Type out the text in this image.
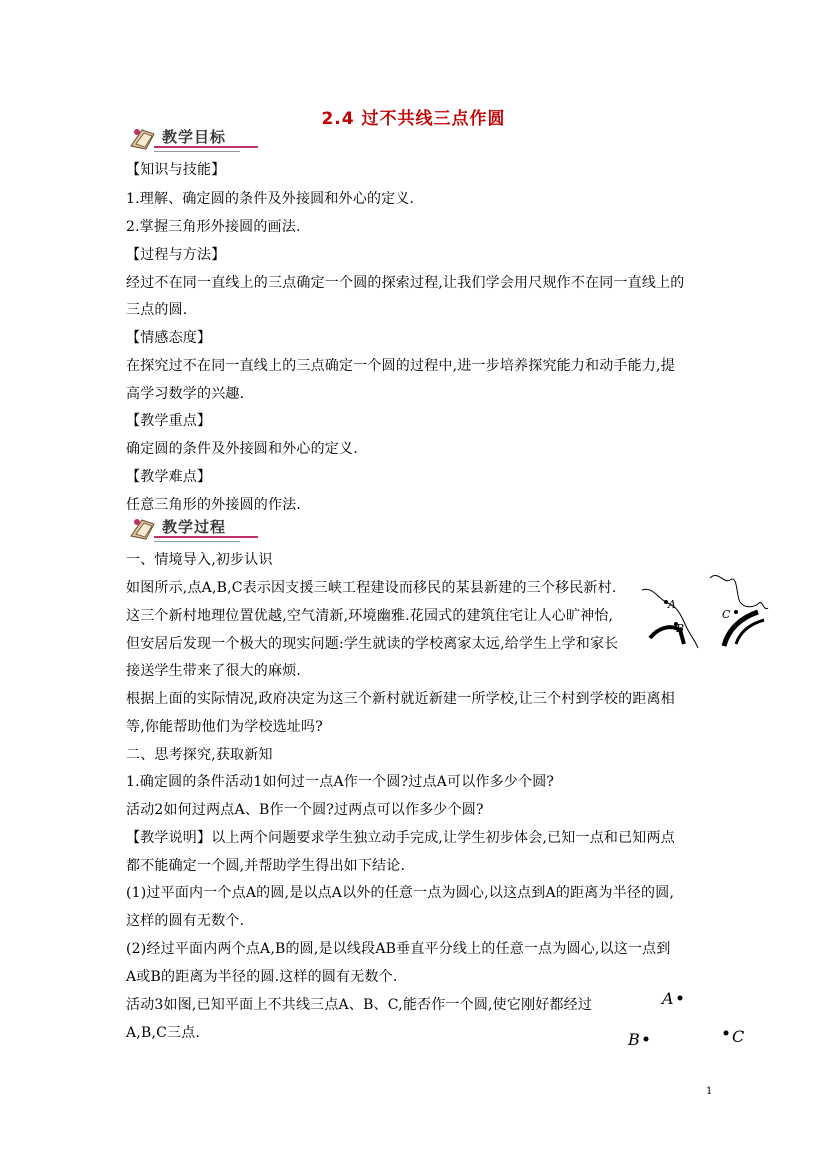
2.4 过不共线三点作圆
教学目标
【知识与技能】
1.理解、确定圆的条件及外接圆和外心的定义.
2.掌握三角形外接圆的画法.
【过程与方法】
经过不在同一直线上的三点确定一个圆的探索过程,让我们学会用尺规作不在同一直线上的
三点的圆.
【情感态度】
在探究过不在同一直线上的三点确定一个圆的过程中,进一步培养探究能力和动手能力,提
高学习数学的兴趣.
【教学重点】
确定圆的条件及外接圆和外心的定义.
【教学难点】
任意三角形的外接圆的作法.
教学过程
一、情境导入,初步认识
如图所示,点A,B,C表示因支援三峡工程建设而移民的某县新建的三个移民新村.
这三个新村地理位置优越,空气清新,环境幽雅.花园式的建筑住宅让人心旷神怡,
但安居后发现一个极大的现实问题:学生就读的学校离家太远,给学生上学和家长
接送学生带来了很大的麻烦.
根据上面的实际情况,政府决定为这三个新村就近新建一所学校,让三个村到学校的距离相
等,你能帮助他们为学校选址吗?
二、思考探究,获取新知
1.确定圆的条件活动1如何过一点A作一个圆?过点A可以作多少个圆?
活动2如何过两点A、B作一个圆?过两点可以作多少个圆?
【教学说明】以上两个问题要求学生独立动手完成,让学生初步体会,已知一点和已知两点
都不能确定一个圆,并帮助学生得出如下结论.
(1)过平面内一个点A的圆,是以点A以外的任意一点为圆心,以这点到A的距离为半径的圆,
这样的圆有无数个.
(2)经过平面内两个点A,B的圆,是以线段AB垂直平分线上的任意一点为圆心,以这一点到
A或B的距离为半径的圆.这样的圆有无数个.
活动3如图,已知平面上不共线三点A、B、C,能否作一个圆,使它刚好都经过
A,B,C三点.
A
B
C
A
B	C
1
